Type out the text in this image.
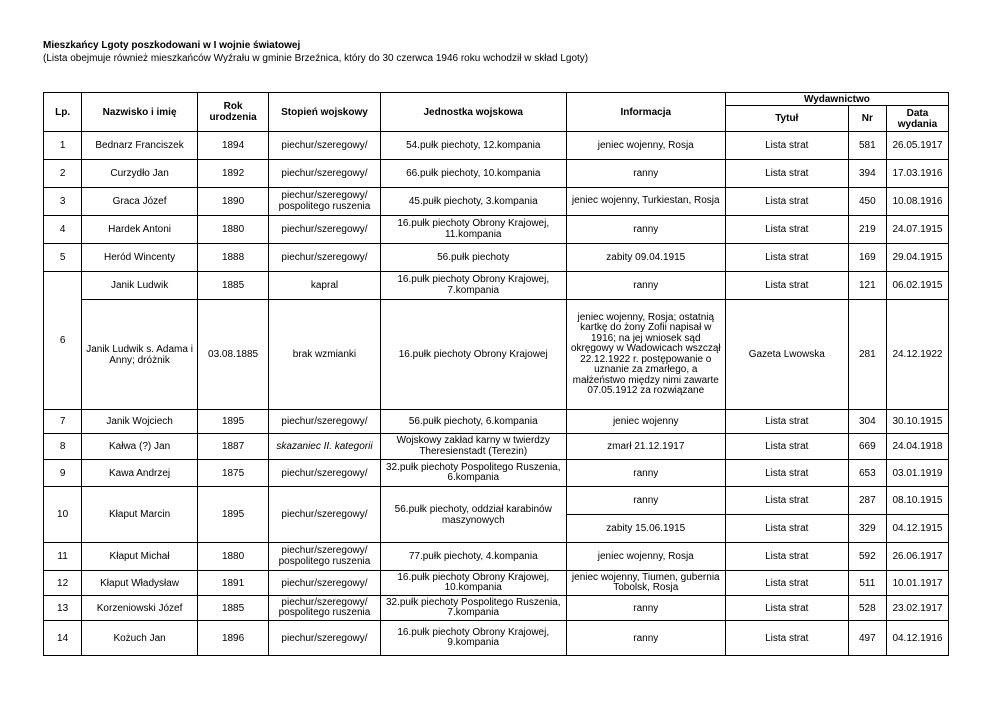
Mieszkańcy Lgoty poszkodowani w I wojnie światowej
(Lista obejmuje również mieszkańców Wyźrału w gminie Brzeźnica, który do 30 czerwca 1946 roku wchodził w skład Lgoty)
Lp.	Nazwisko i imię	Rok urodzenia	Stopień wojskowy	Jednostka wojskowa	Informacja	Wydawnictwo		
						Tytuł	Nr	Data wydania
1	Bednarz Franciszek	1894	piechur/szeregowy/	54.pułk piechoty, 12.kompania	jeniec wojenny, Rosja	Lista strat	581	26.05.1917
2	Curzydło Jan	1892	piechur/szeregowy/	66.pułk piechoty, 10.kompania	ranny	Lista strat	394	17.03.1916
3	Graca Józef	1890	piechur/szeregowy/ pospolitego ruszenia	45.pułk piechoty, 3.kompania	jeniec wojenny, Turkiestan, Rosja	Lista strat	450	10.08.1916
4	Hardek Antoni	1880	piechur/szeregowy/	16.pułk piechoty Obrony Krajowej, 11.kompania	ranny	Lista strat	219	24.07.1915
5	Heród Wincenty	1888	piechur/szeregowy/	56.pułk piechoty	zabity 09.04.1915	Lista strat	169	29.04.1915
6	Janik Ludwik	1885	kapral	16.pułk piechoty Obrony Krajowej, 7.kompania	ranny	Lista strat	121	06.02.1915
	Janik Ludwik s. Adama i Anny; dróżnik	03.08.1885	brak wzmianki	16.pułk piechoty Obrony Krajowej	jeniec wojenny, Rosja; ostatnią kartkę do żony Zofii napisał w 1916; na jej wniosek sąd okręgowy w Wadowicach wszczął 22.12.1922 r. postępowanie o uznanie za zmarłego, a małżeństwo między nimi zawarte 07.05.1912 za rozwiązane	Gazeta Lwowska	281	24.12.1922
7	Janik Wojciech	1895	piechur/szeregowy/	56.pułk piechoty, 6.kompania	jeniec wojenny	Lista strat	304	30.10.1915
8	Kałwa (?) Jan	1887	skazaniec II. kategorii	Wojskowy zakład karny w twierdzy Theresienstadt (Terezin)	zmarł 21.12.1917	Lista strat	669	24.04.1918
9	Kawa Andrzej	1875	piechur/szeregowy/	32.pułk piechoty Pospolitego Ruszenia, 6.kompania	ranny	Lista strat	653	03.01.1919
10	Kłaput Marcin	1895	piechur/szeregowy/	56.pułk piechoty, oddział karabinów maszynowych	ranny	Lista strat	287	08.10.1915
					zabity 15.06.1915	Lista strat	329	04.12.1915
11	Kłaput Michał	1880	piechur/szeregowy/ pospolitego ruszenia	77.pułk piechoty, 4.kompania	jeniec wojenny, Rosja	Lista strat	592	26.06.1917
12	Kłaput Władysław	1891	piechur/szeregowy/	16.pułk piechoty Obrony Krajowej, 10.kompania	jeniec wojenny, Tiumen, gubernia Tobolsk, Rosja	Lista strat	511	10.01.1917
13	Korzeniowski Józef	1885	piechur/szeregowy/ pospolitego ruszenia	32.pułk piechoty Pospolitego Ruszenia, 7.kompania	ranny	Lista strat	528	23.02.1917
14	Kożuch Jan	1896	piechur/szeregowy/	16.pułk piechoty Obrony Krajowej, 9.kompania	ranny	Lista strat	497	04.12.1916
